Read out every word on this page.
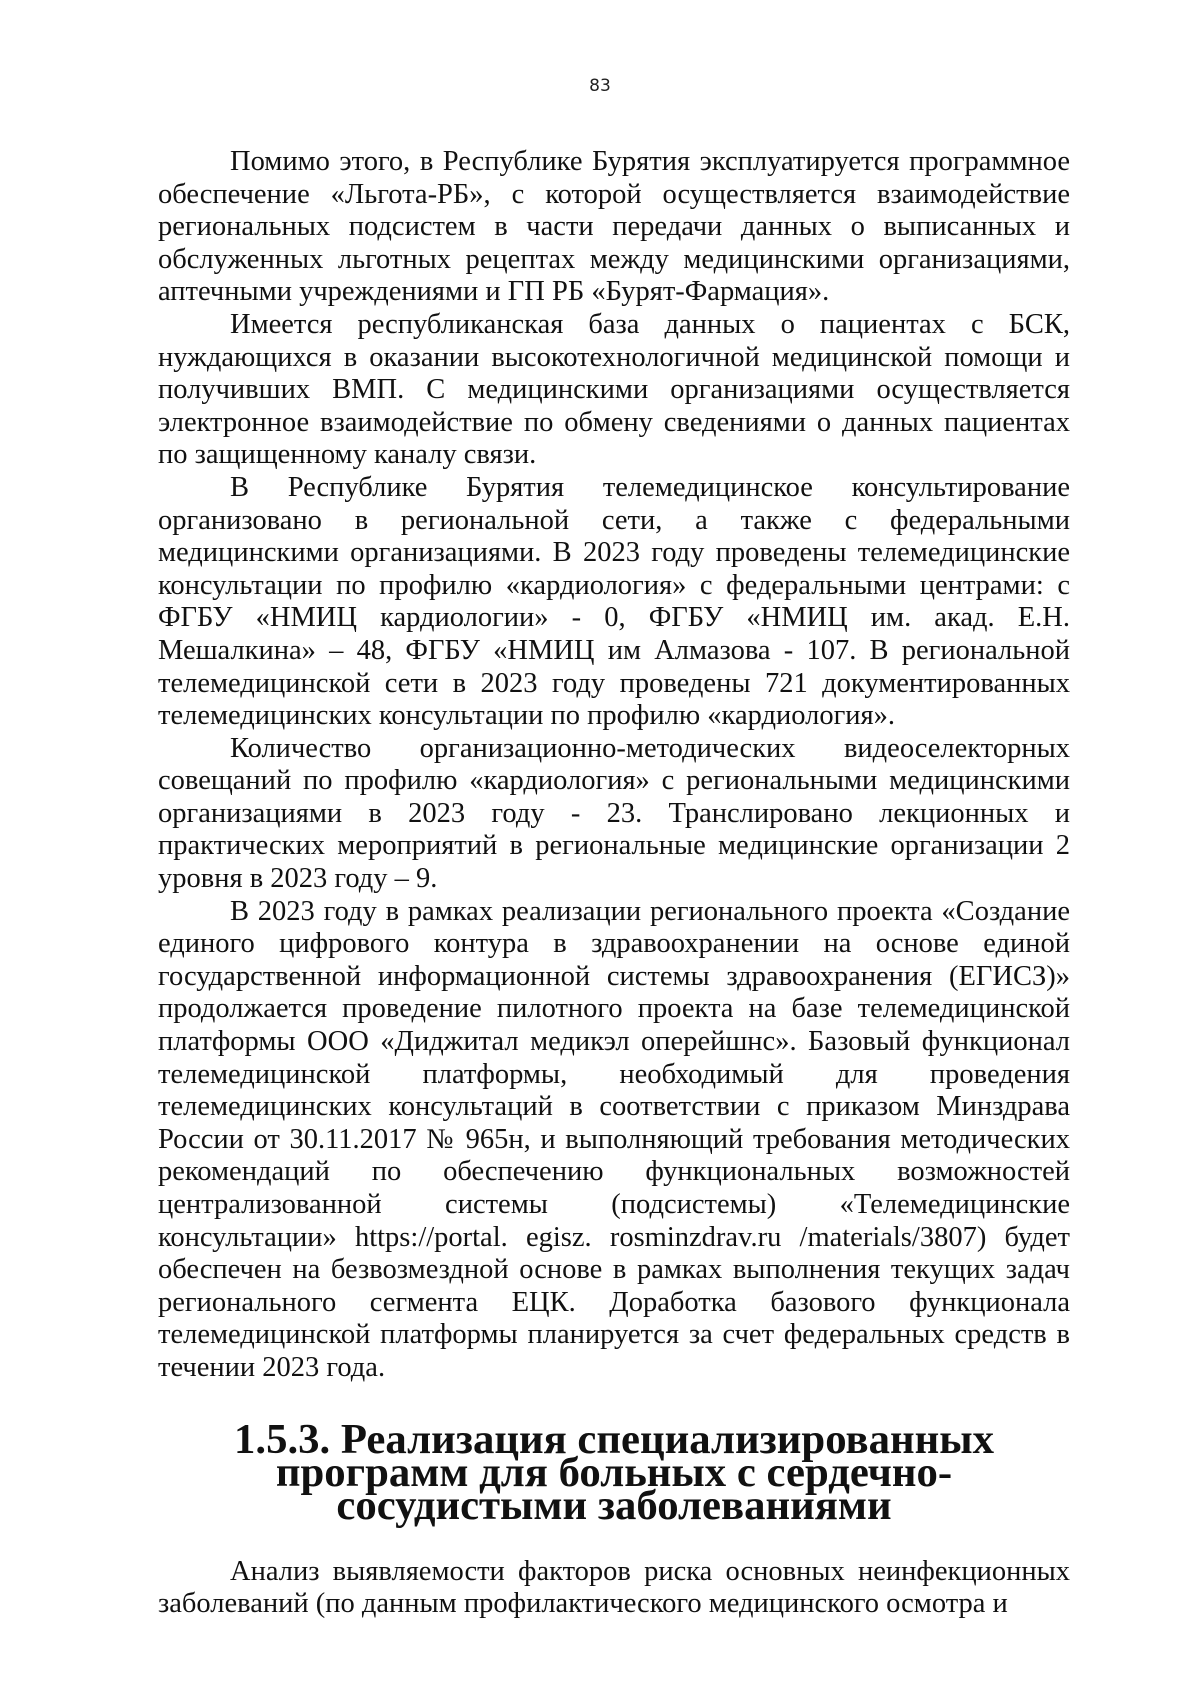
83

Помимо этого, в Республике Бурятия эксплуатируется программное обеспечение «Льгота-РБ», с которой осуществляется взаимодействие региональных подсистем в части передачи данных о выписанных и обслуженных льготных рецептах между медицинскими организациями, аптечными учреждениями и ГП РБ «Бурят-Фармация».

Имеется республиканская база данных о пациентах с БСК, нуждающихся в оказании высокотехнологичной медицинской помощи и получивших ВМП. С медицинскими организациями осуществляется электронное взаимодействие по обмену сведениями о данных пациентах по защищенному каналу связи.

В Республике Бурятия телемедицинское консультирование организовано в региональной сети, а также с федеральными медицинскими организациями. В 2023 году проведены телемедицинские консультации по профилю «кардиология» с федеральными центрами: с ФГБУ «НМИЦ кардиологии» - 0, ФГБУ «НМИЦ им. акад. Е.Н. Мешалкина» – 48, ФГБУ «НМИЦ им Алмазова - 107. В региональной телемедицинской сети в 2023 году проведены 721 документированных телемедицинских консультации по профилю «кардиология».

Количество организационно-методических видеоселекторных совещаний по профилю «кардиология» с региональными медицинскими организациями в 2023 году - 23. Транслировано лекционных и практических мероприятий в региональные медицинские организации 2 уровня в 2023 году – 9.

В 2023 году в рамках реализации регионального проекта «Создание единого цифрового контура в здравоохранении на основе единой государственной информационной системы здравоохранения (ЕГИСЗ)» продолжается проведение пилотного проекта на базе телемедицинской платформы ООО «Диджитал медикэл оперейшнс». Базовый функционал телемедицинской платформы, необходимый для проведения телемедицинских консультаций в соответствии с приказом Минздрава России от 30.11.2017 № 965н, и выполняющий требования методических рекомендаций по обеспечению функциональных возможностей централизованной системы (подсистемы) «Телемедицинские консультации» https://portal. egisz. rosminzdrav.ru /materials/3807) будет обеспечен на безвозмездной основе в рамках выполнения текущих задач регионального сегмента ЕЦК. Доработка базового функционала телемедицинской платформы планируется за счет федеральных средств в течении 2023 года.

1.5.3. Реализация специализированных программ для больных с сердечно-сосудистыми заболеваниями

Анализ выявляемости факторов риска основных неинфекционных заболеваний (по данным профилактического медицинского осмотра и
